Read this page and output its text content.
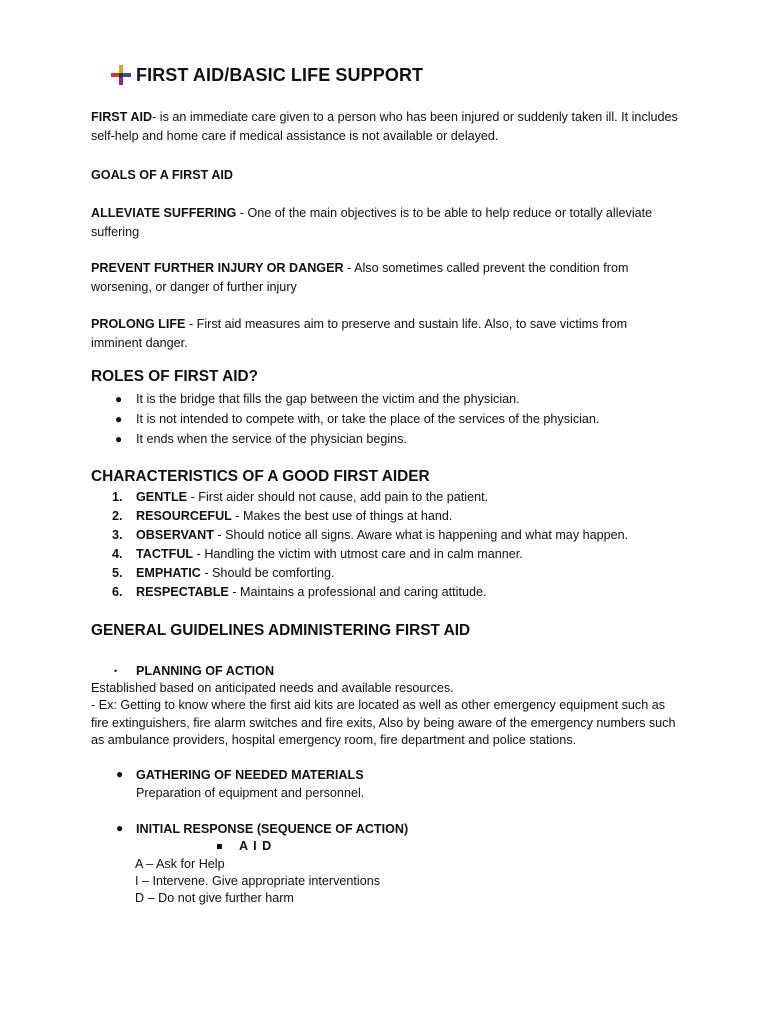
FIRST AID/BASIC LIFE SUPPORT
FIRST AID- is an immediate care given to a person who has been injured or suddenly taken ill. It includes self-help and home care if medical assistance is not available or delayed.
GOALS OF A FIRST AID
ALLEVIATE SUFFERING - One of the main objectives is to be able to help reduce or totally alleviate suffering
PREVENT FURTHER INJURY OR DANGER - Also sometimes called prevent the condition from worsening, or danger of further injury
PROLONG LIFE - First aid measures aim to preserve and sustain life. Also, to save victims from imminent danger.
ROLES OF FIRST AID?
● It is the bridge that fills the gap between the victim and the physician.
● It is not intended to compete with, or take the place of the services of the physician.
● It ends when the service of the physician begins.
CHARACTERISTICS OF A GOOD FIRST AIDER
1. GENTLE - First aider should not cause, add pain to the patient.
2. RESOURCEFUL - Makes the best use of things at hand.
3. OBSERVANT - Should notice all signs. Aware what is happening and what may happen.
4. TACTFUL - Handling the victim with utmost care and in calm manner.
5. EMPHATIC - Should be comforting.
6. RESPECTABLE - Maintains a professional and caring attitude.
GENERAL GUIDELINES ADMINISTERING FIRST AID
• PLANNING OF ACTION
Established based on anticipated needs and available resources.
- Ex: Getting to know where the first aid kits are located as well as other emergency equipment such as fire extinguishers, fire alarm switches and fire exits, Also by being aware of the emergency numbers such as ambulance providers, hospital emergency room, fire department and police stations.
● GATHERING OF NEEDED MATERIALS
Preparation of equipment and personnel.
● INITIAL RESPONSE (SEQUENCE OF ACTION)
A I D
A – Ask for Help
I – Intervene. Give appropriate interventions
D – Do not give further harm
